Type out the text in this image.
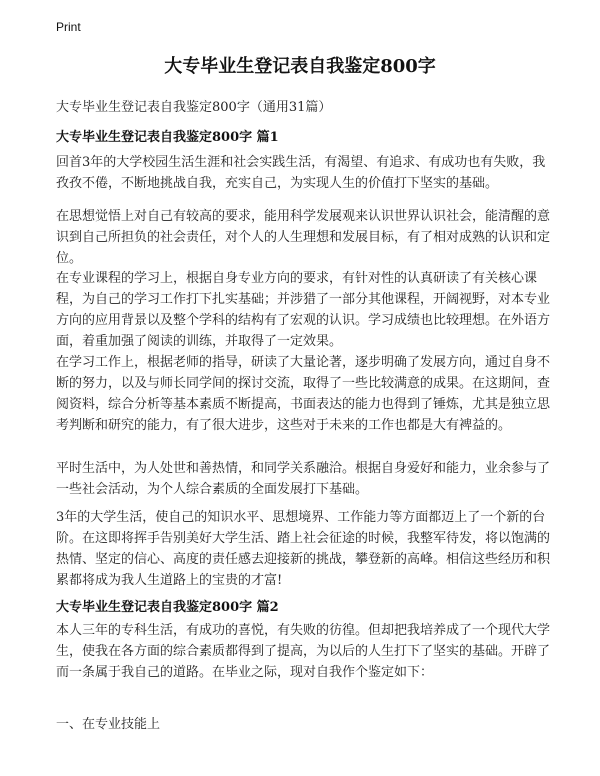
Print
大专毕业生登记表自我鉴定800字
大专毕业生登记表自我鉴定800字（通用31篇）
大专毕业生登记表自我鉴定800字 篇1

回首3年的大学校园生活生涯和社会实践生活，有渴望、有追求、有成功也有失败，我孜孜不倦，不断地挑战自我，充实自己，为实现人生的价值打下坚实的基础。

在思想觉悟上对自己有较高的要求，能用科学发展观来认识世界认识社会，能清醒的意识到自己所担负的社会责任，对个人的人生理想和发展目标，有了相对成熟的认识和定位。

在专业课程的学习上，根据自身专业方向的要求，有针对性的认真研读了有关核心课程，为自己的学习工作打下扎实基础；并涉猎了一部分其他课程，开阔视野，对本专业方向的应用背景以及整个学科的结构有了宏观的认识。学习成绩也比较理想。在外语方面，着重加强了阅读的训练，并取得了一定效果。

在学习工作上，根据老师的指导，研读了大量论著，逐步明确了发展方向，通过自身不断的努力，以及与师长同学间的探讨交流，取得了一些比较满意的成果。在这期间，查阅资料，综合分析等基本素质不断提高，书面表达的能力也得到了锤炼，尤其是独立思考判断和研究的能力，有了很大进步，这些对于未来的工作也都是大有裨益的。

平时生活中，为人处世和善热情，和同学关系融洽。根据自身爱好和能力，业余参与了一些社会活动，为个人综合素质的全面发展打下基础。

3年的大学生活，使自己的知识水平、思想境界、工作能力等方面都迈上了一个新的台阶。在这即将挥手告别美好大学生活、踏上社会征途的时候，我整军待发，将以饱满的热情、坚定的信心、高度的责任感去迎接新的挑战，攀登新的高峰。相信这些经历和积累都将成为我人生道路上的宝贵的才富!

大专毕业生登记表自我鉴定800字 篇2

本人三年的专科生活，有成功的喜悦，有失败的彷徨。但却把我培养成了一个现代大学生，使我在各方面的综合素质都得到了提高，为以后的人生打下了坚实的基础。开辟了而一条属于我自己的道路。在毕业之际，现对自我作个鉴定如下：

一、在专业技能上
